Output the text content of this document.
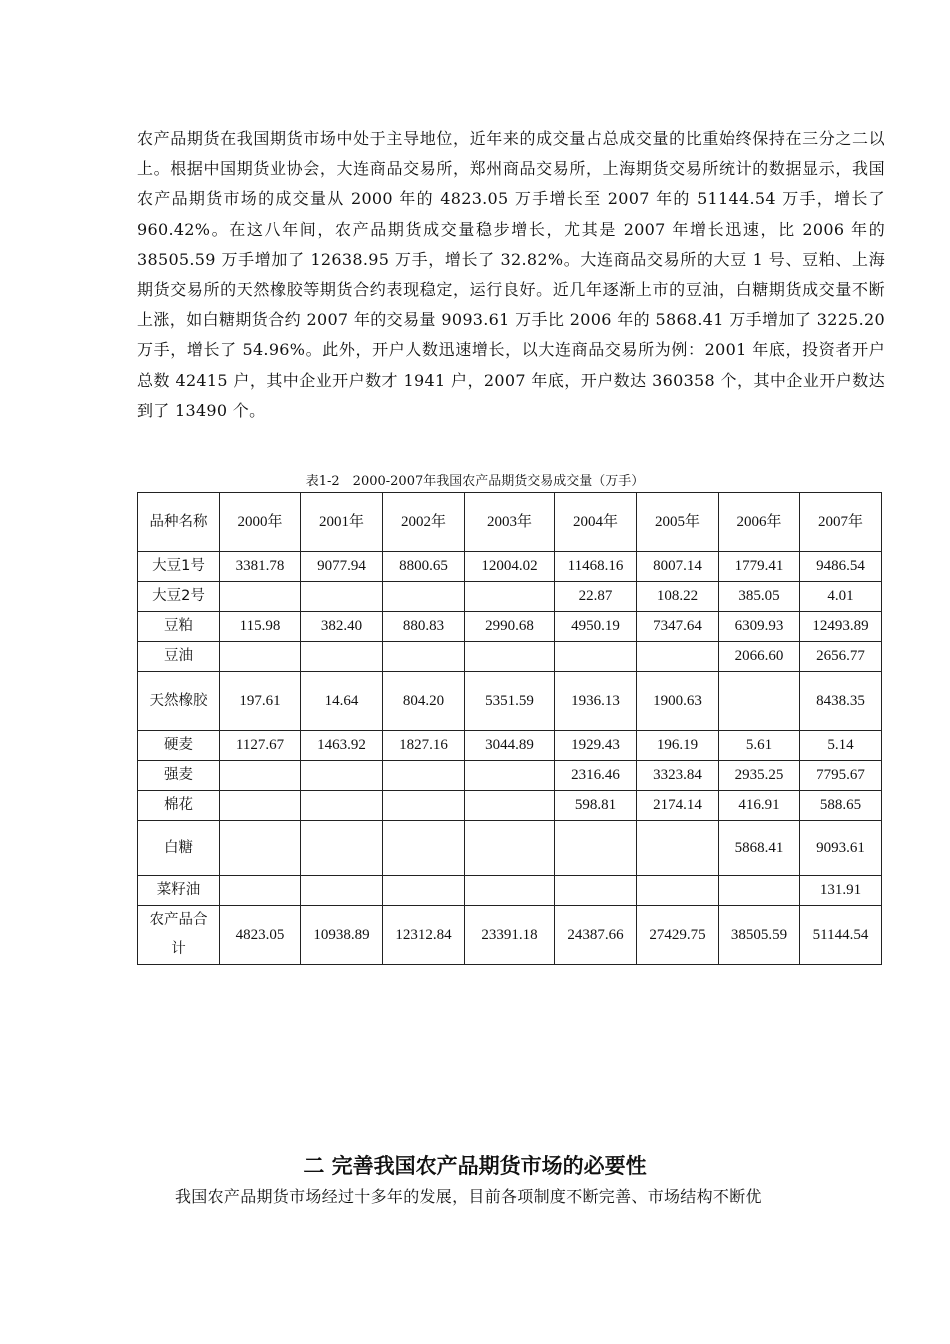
农产品期货在我国期货市场中处于主导地位，近年来的成交量占总成交量的比重始终保持在三分之二以上。根据中国期货业协会，大连商品交易所，郑州商品交易所，上海期货交易所统计的数据显示，我国农产品期货市场的成交量从 2000 年的 4823.05 万手增长至 2007 年的 51144.54 万手，增长了 960.42%。在这八年间，农产品期货成交量稳步增长，尤其是 2007 年增长迅速，比 2006 年的 38505.59 万手增加了 12638.95 万手，增长了 32.82%。大连商品交易所的大豆 1 号、豆粕、上海期货交易所的天然橡胶等期货合约表现稳定，运行良好。近几年逐渐上市的豆油，白糖期货成交量不断上涨，如白糖期货合约 2007 年的交易量 9093.61 万手比 2006 年的 5868.41 万手增加了 3225.20 万手，增长了 54.96%。此外，开户人数迅速增长，以大连商品交易所为例：2001 年底，投资者开户总数 42415 户，其中企业开户数才 1941 户，2007 年底，开户数达 360358 个，其中企业开户数达到了 13490 个。

表1-2　2000-2007年我国农产品期货交易成交量（万手）

品种名称	2000年	2001年	2002年	2003年	2004年	2005年	2006年	2007年
大豆1号	3381.78	9077.94	8800.65	12004.02	11468.16	8007.14	1779.41	9486.54
大豆2号					22.87	108.22	385.05	4.01
豆粕	115.98	382.40	880.83	2990.68	4950.19	7347.64	6309.93	12493.89
豆油							2066.60	2656.77
天然橡胶	197.61	14.64	804.20	5351.59	1936.13	1900.63		8438.35
硬麦	1127.67	1463.92	1827.16	3044.89	1929.43	196.19	5.61	5.14
强麦					2316.46	3323.84	2935.25	7795.67
棉花					598.81	2174.14	416.91	588.65
白糖							5868.41	9093.61
菜籽油								131.91
农产品合计	4823.05	10938.89	12312.84	23391.18	24387.66	27429.75	38505.59	51144.54
二 完善我国农产品期货市场的必要性

我国农产品期货市场经过十多年的发展，目前各项制度不断完善、市场结构不断优
